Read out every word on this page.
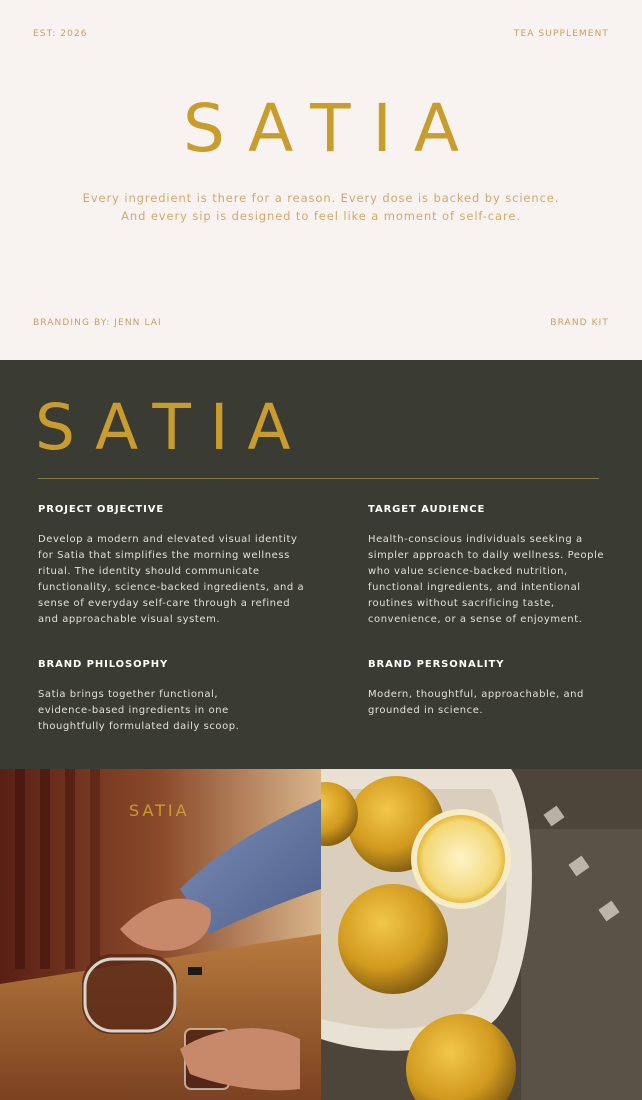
EST: 2026	TEA SUPPLEMENT
SATIA
Every ingredient is there for a reason. Every dose is backed by science.
And every sip is designed to feel like a moment of self-care.
BRANDING BY: JENN LAI	BRAND KIT
SATIA
PROJECT OBJECTIVE

Develop a modern and elevated visual identity for Satia that simplifies the morning wellness ritual. The identity should communicate functionality, science-backed ingredients, and a sense of everyday self-care through a refined and approachable visual system.

TARGET AUDIENCE

Health-conscious individuals seeking a simpler approach to daily wellness. People who value science-backed nutrition, functional ingredients, and intentional routines without sacrificing taste, convenience, or a sense of enjoyment.

BRAND PHILOSOPHY

Satia brings together functional, evidence-based ingredients in one thoughtfully formulated daily scoop.

BRAND PERSONALITY

Modern, thoughtful, approachable, and grounded in science.

SATIA
